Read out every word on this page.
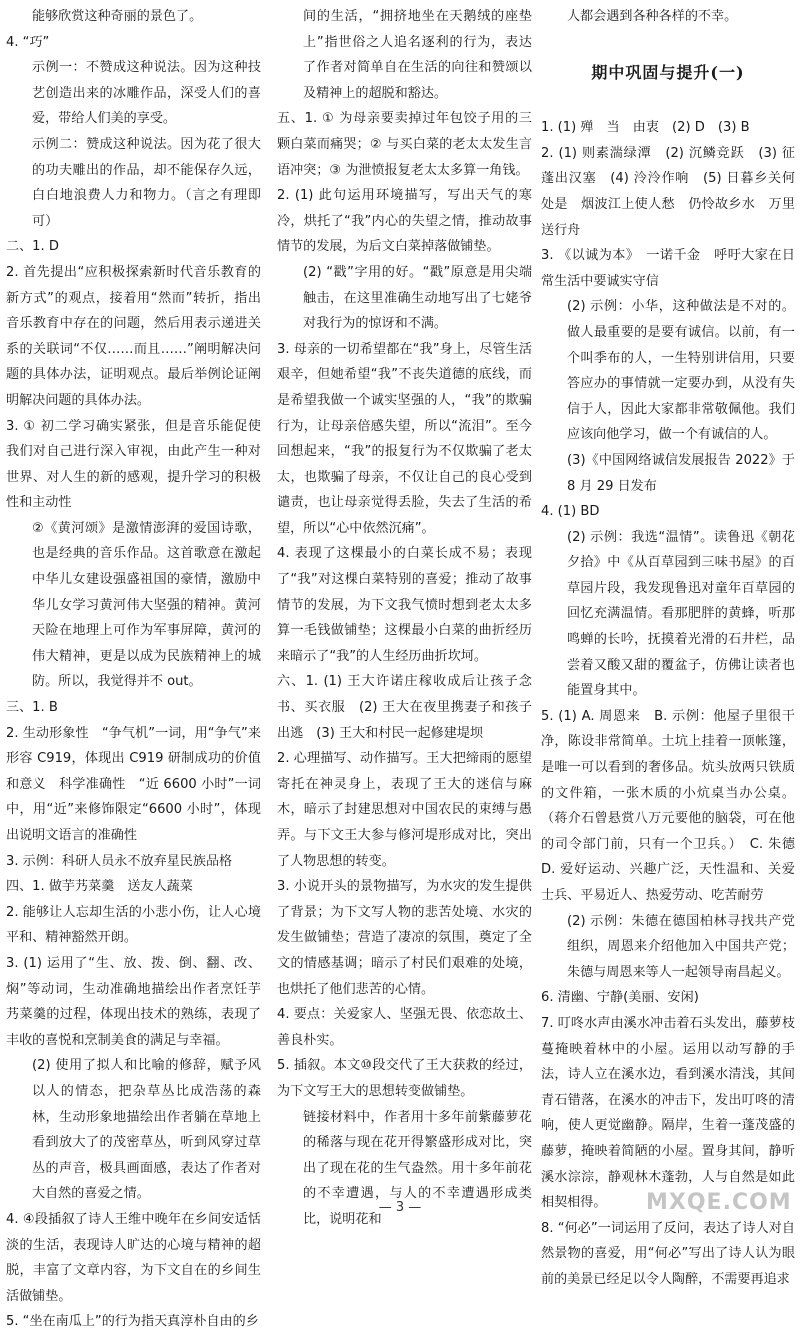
能够欣赏这种奇丽的景色了。

4. “巧”

示例一：不赞成这种说法。因为这种技艺创造出来的冰雕作品，深受人们的喜爱，带给人们美的享受。

示例二：赞成这种说法。因为花了很大的功夫雕出的作品，却不能保存久远，白白地浪费人力和物力。（言之有理即可）

二、1. D

2. 首先提出“应积极探索新时代音乐教育的新方式”的观点，接着用“然而”转折，指出音乐教育中存在的问题，然后用表示递进关系的关联词“不仅……而且……”阐明解决问题的具体办法，证明观点。最后举例论证阐明解决问题的具体办法。

3. ① 初二学习确实紧张，但是音乐能促使我们对自己进行深入审视，由此产生一种对世界、对人生的新的感观，提升学习的积极性和主动性

②《黄河颂》是激情澎湃的爱国诗歌，也是经典的音乐作品。这首歌意在激起中华儿女建设强盛祖国的豪情，激励中华儿女学习黄河伟大坚强的精神。黄河天险在地理上可作为军事屏障，黄河的伟大精神，更是以成为民族精神上的城防。所以，我觉得并不 out。

三、1. B

2. 生动形象性　“争气机”一词，用“争气”来形容 C919，体现出 C919 研制成功的价值和意义　科学准确性　“近 6600 小时”一词中，用“近”来修饰限定“6600 小时”，体现出说明文语言的准确性

3. 示例：科研人员永不放弃星民族品格

四、1. 做芋艿菜羹　送友人蔬菜

2. 能够让人忘却生活的小悲小伤，让人心境平和、精神豁然开朗。

3. (1) 运用了“生、放、拨、倒、翻、改、焖”等动词，生动准确地描绘出作者烹饪芋艿菜羹的过程，体现出技术的熟练，表现了丰收的喜悦和烹制美食的满足与幸福。

(2) 使用了拟人和比喻的修辞，赋予风以人的情态，把杂草丛比成浩荡的森林，生动形象地描绘出作者躺在草地上看到放大了的茂密草丛，听到风穿过草丛的声音，极具画面感，表达了作者对大自然的喜爱之情。

4. ④段插叙了诗人王维中晚年在乡间安适恬淡的生活，表现诗人旷达的心境与精神的超脱，丰富了文章内容，为下文自在的乡间生活做铺垫。

5. “坐在南瓜上”的行为指天真淳朴自由的乡

间的生活，“拥挤地坐在天鹅绒的座垫上”指世俗之人追名逐利的行为，表达了作者对简单自在生活的向往和赞颂以及精神上的超脱和豁达。

五、1. ① 为母亲要卖掉过年包饺子用的三颗白菜而痛哭；② 与买白菜的老太太发生言语冲突；③ 为泄愤报复老太太多算一角钱。

2. (1) 此句运用环境描写，写出天气的寒冷，烘托了“我”内心的失望之情，推动故事情节的发展，为后文白菜掉落做铺垫。

(2) “戳”字用的好。“戳”原意是用尖端触击，在这里准确生动地写出了七姥爷对我行为的惊讶和不满。

3. 母亲的一切希望都在“我”身上，尽管生活艰辛，但她希望“我”不丧失道德的底线，而是希望我做一个诚实坚强的人，“我”的欺骗行为，让母亲倍感失望，所以“流泪”。至今回想起来，“我”的报复行为不仅欺骗了老太太，也欺骗了母亲，不仅让自己的良心受到谴责，也让母亲觉得丢脸，失去了生活的希望，所以“心中依然沉痛”。

4. 表现了这棵最小的白菜长成不易；表现了“我”对这棵白菜特别的喜爱；推动了故事情节的发展，为下文我气愤时想到老太太多算一毛钱做铺垫；这棵最小白菜的曲折经历来暗示了“我”的人生经历曲折坎坷。

六、1. (1) 王大许诺庄稼收成后让孩子念书、买衣服　(2) 王大在夜里携妻子和孩子出逃　(3) 王大和村民一起修建堤坝

2. 心理描写、动作描写。王大把缔雨的愿望寄托在神灵身上，表现了王大的迷信与麻木，暗示了封建思想对中国农民的束缚与愚弄。与下文王大参与修河堤形成对比，突出了人物思想的转变。

3. 小说开头的景物描写，为水灾的发生提供了背景；为下文写人物的悲苦处境、水灾的发生做铺垫；营造了凄凉的氛围，奠定了全文的情感基调；暗示了村民们艰难的处境，也烘托了他们悲苦的心情。

4. 要点：关爱家人、坚强无畏、依恋故土、善良朴实。

5. 插叙。本文⑩段交代了王大获救的经过，为下文写王大的思想转变做铺垫。

链接材料中，作者用十多年前紫藤萝花的稀落与现在花开得繁盛形成对比，突出了现在花的生气盎然。用十多年前花的不幸遭遇，与人的不幸遭遇形成类比，说明花和

人都会遇到各种各样的不幸。

期中巩固与提升(一)

1. (1) 殚　当　由衷　(2) D　(3) B

2. (1) 则素湍绿潭　(2) 沉鳞竞跃　(3) 征蓬出汉塞　(4) 泠泠作响　(5) 日暮乡关何处是　烟波江上使人愁　仍怜故乡水　万里送行舟

3. 《以诚为本》　一诺千金　呼吁大家在日常生活中要诚实守信

(2) 示例：小华，这种做法是不对的。做人最重要的是要有诚信。以前，有一个叫季布的人，一生特别讲信用，只要答应办的事情就一定要办到，从没有失信于人，因此大家都非常敬佩他。我们应该向他学习，做一个有诚信的人。

(3)《中国网络诚信发展报告 2022》于 8 月 29 日发布

4. (1) BD

(2) 示例：我选“温情”。读鲁迅《朝花夕拾》中《从百草园到三味书屋》的百草园片段，我发现鲁迅对童年百草园的回忆充满温情。看那肥胖的黄蜂，听那鸣蝉的长吟，抚摸着光滑的石井栏，品尝着又酸又甜的覆盆子，仿佛让读者也能置身其中。

5. (1) A. 周恩来　B. 示例：他屋子里很干净，陈设非常简单。土坑上挂着一顶帐篷，是唯一可以看到的奢侈品。炕头放两只铁质的文件箱，一张木质的小炕桌当办公桌。（蒋介石曾悬赏八万元要他的脑袋，可在他的司令部门前，只有一个卫兵。）　C. 朱德　D. 爱好运动、兴趣广泛，天性温和、关爱士兵、平易近人、热爱劳动、吃苦耐劳

(2) 示例：朱德在德国柏林寻找共产党组织，周恩来介绍他加入中国共产党；朱德与周恩来等人一起领导南昌起义。

6. 清幽、宁静(美丽、安闲)

7. 叮咚水声由溪水冲击着石头发出，藤萝枝蔓掩映着林中的小屋。运用以动写静的手法，诗人立在溪水边，看到溪水清浅，其间青石错落，在溪水的冲击下，发出叮咚的清响，使人更觉幽静。隔岸，生着一蓬茂盛的藤萝，掩映着简陋的小屋。置身其间，静听溪水淙淙，静观林木蓬勃，人与自然是如此相契相得。

8. “何必”一词运用了反问，表达了诗人对自然景物的喜爱，用“何必”写出了诗人认为眼前的美景已经足以令人陶醉，不需要再追求

— 3 —	MXQE.COM
